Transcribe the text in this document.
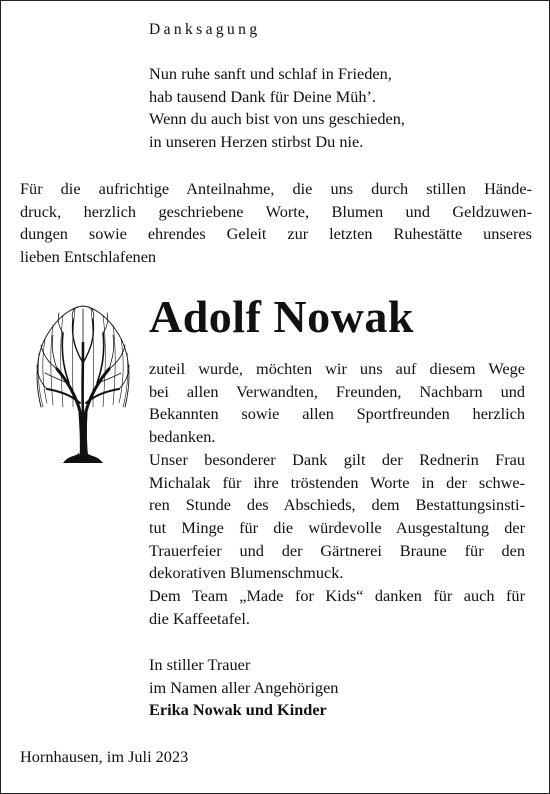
Danksagung
Nun ruhe sanft und schlaf in Frieden,
hab tausend Dank für Deine Müh’.
Wenn du auch bist von uns geschieden,
in unseren Herzen stirbst Du nie.
Für die aufrichtige Anteilnahme, die uns durch stillen Hände-
druck, herzlich geschriebene Worte, Blumen und Geldzuwen-
dungen sowie ehrendes Geleit zur letzten Ruhestätte unseres
lieben Entschlafenen
Adolf Nowak
zuteil wurde, möchten wir uns auf diesem Wege
bei allen Verwandten, Freunden, Nachbarn und
Bekannten sowie allen Sportfreunden herzlich
bedanken.
Unser besonderer Dank gilt der Rednerin Frau
Michalak für ihre tröstenden Worte in der schwe-
ren Stunde des Abschieds, dem Bestattungsinsti-
tut Minge für die würdevolle Ausgestaltung der
Trauerfeier und der Gärtnerei Braune für den
dekorativen Blumenschmuck.
Dem Team „Made for Kids“ danken für auch für
die Kaffeetafel.
In stiller Trauer
im Namen aller Angehörigen
Erika Nowak und Kinder
Hornhausen, im Juli 2023
